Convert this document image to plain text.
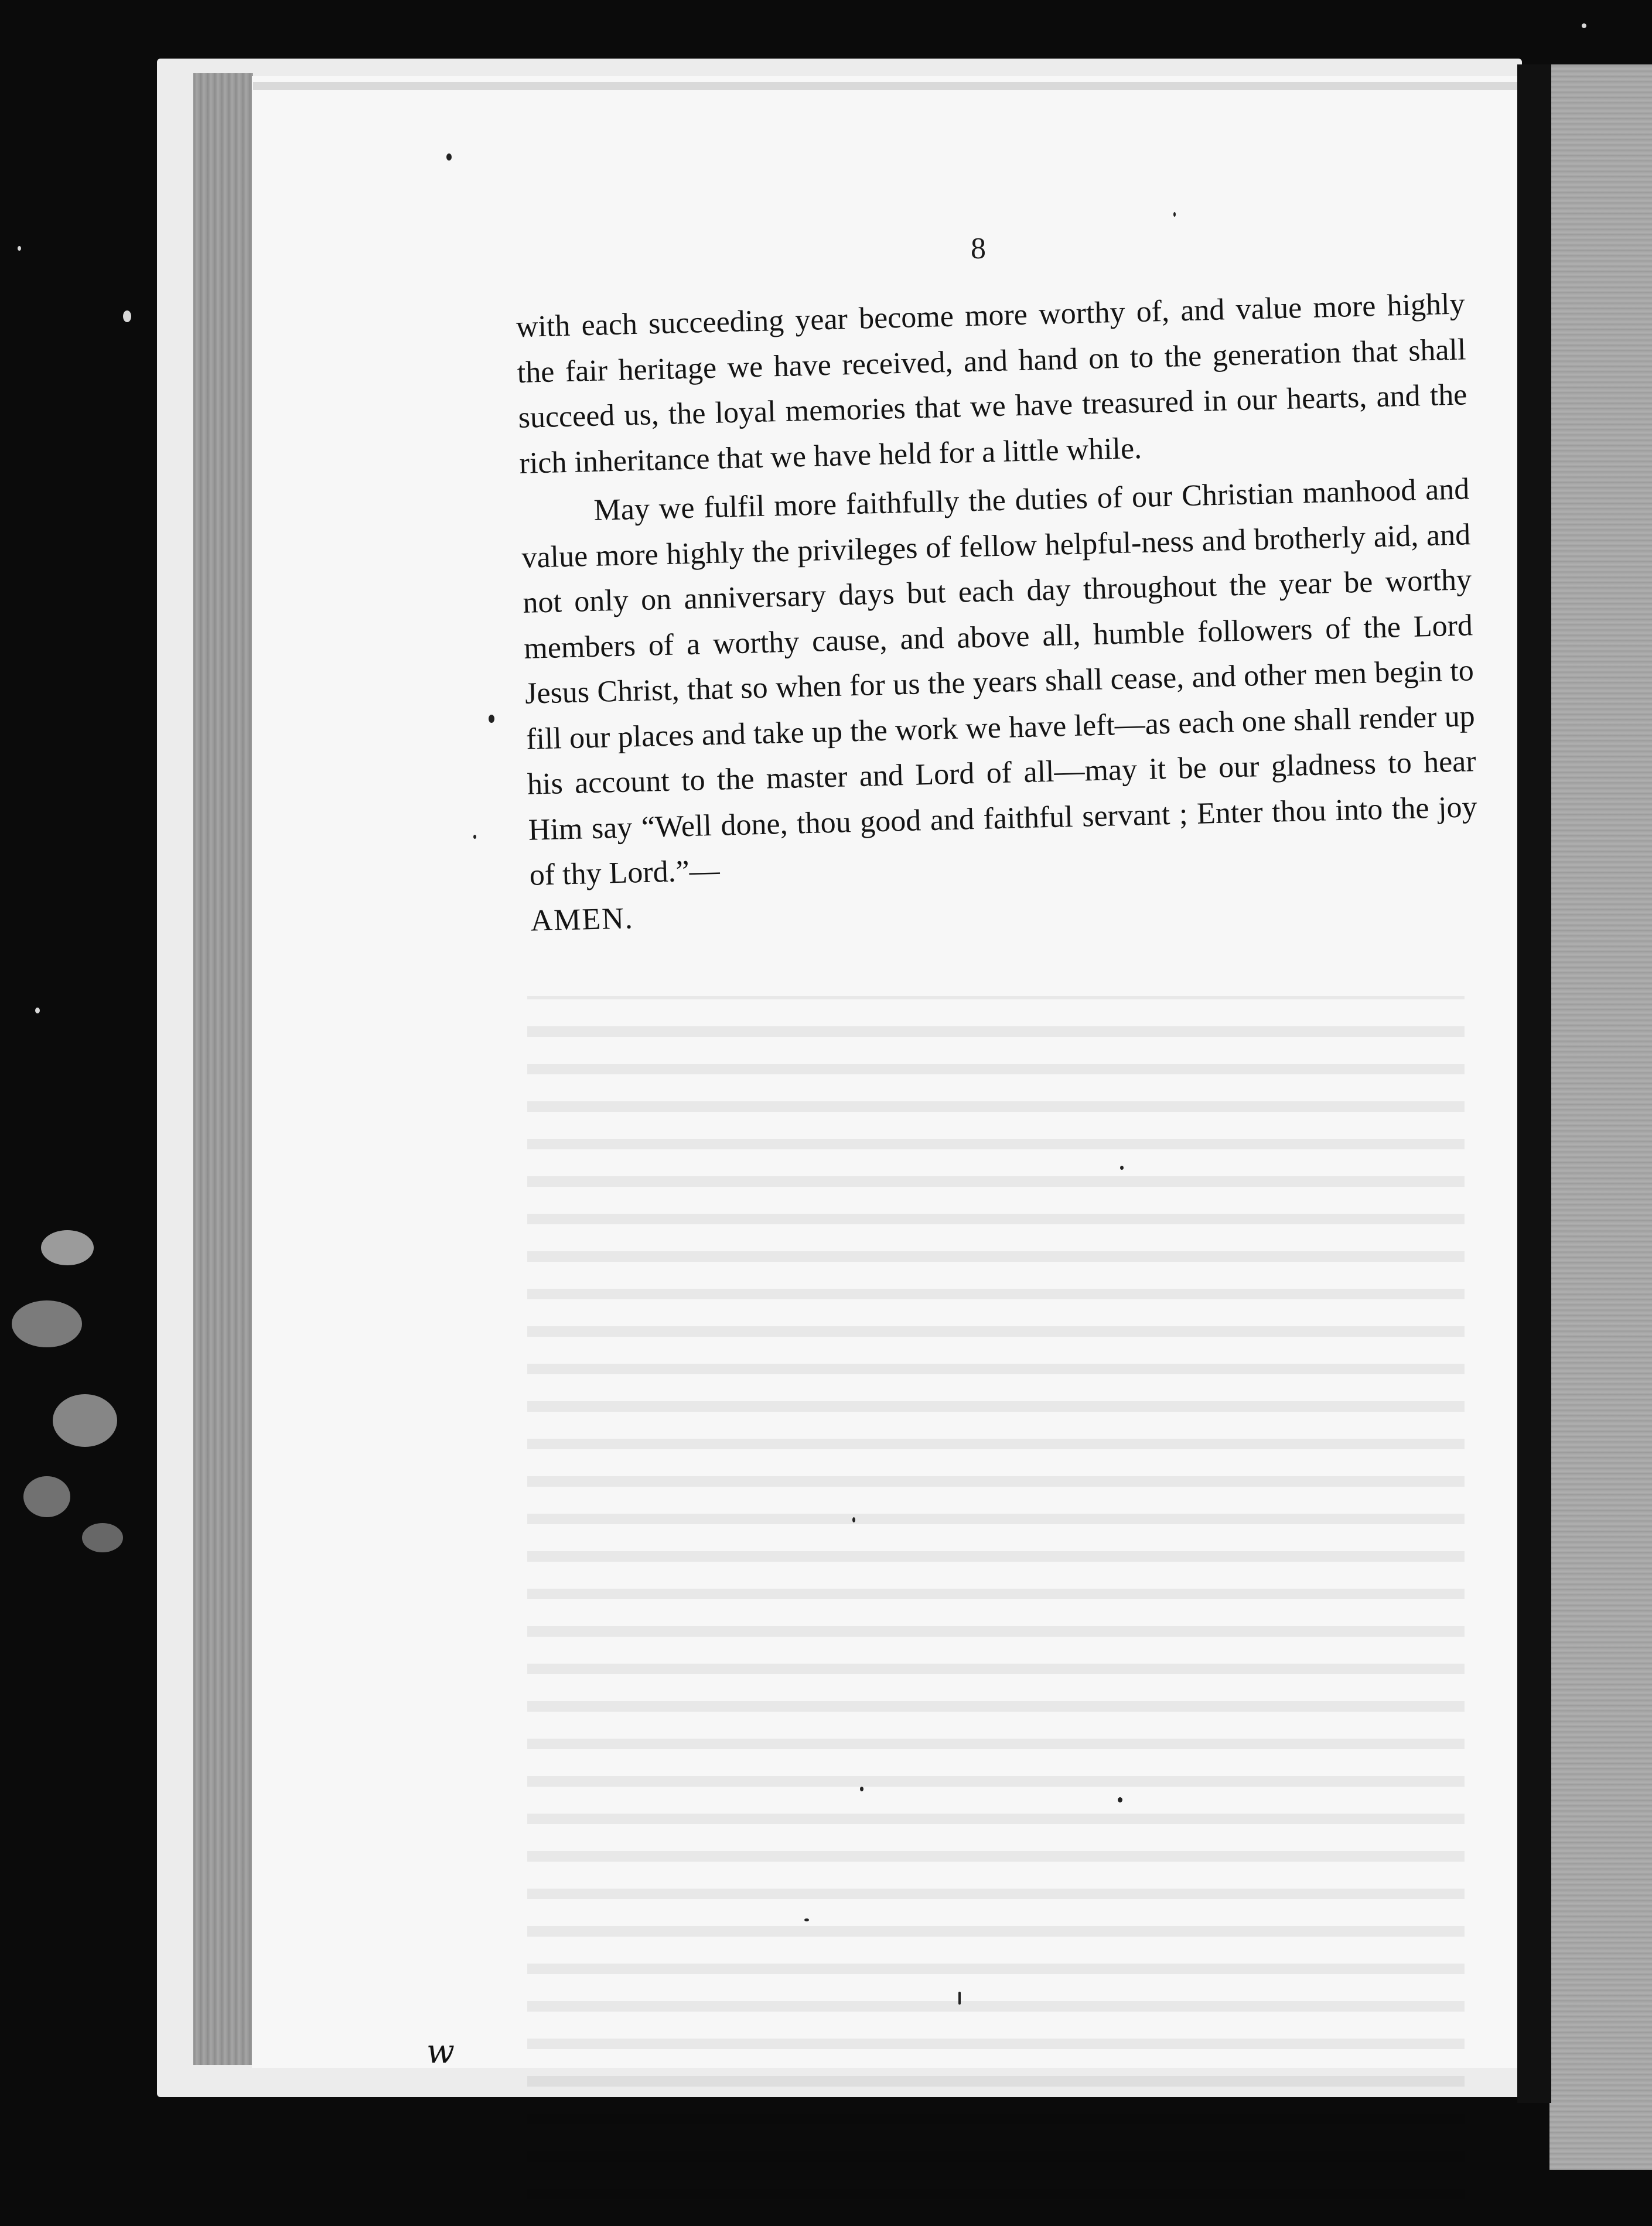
8

with each succeeding year become more worthy of, and value more highly the fair heritage we have received, and hand on to the generation that shall succeed us, the loyal memories that we have treasured in our hearts, and the rich inheritance that we have held for a little while.

May we fulfil more faithfully the duties of our Christian manhood and value more highly the privileges of fellow helpful-ness and brotherly aid, and not only on anniversary days but each day throughout the year be worthy members of a worthy cause, and above all, humble followers of the Lord Jesus Christ, that so when for us the years shall cease, and other men begin to fill our places and take up the work we have left—as each one shall render up his account to the master and Lord of all—may it be our gladness to hear Him say “Well done, thou good and faithful servant ; Enter thou into the joy of thy Lord.”—

AMEN.

w
